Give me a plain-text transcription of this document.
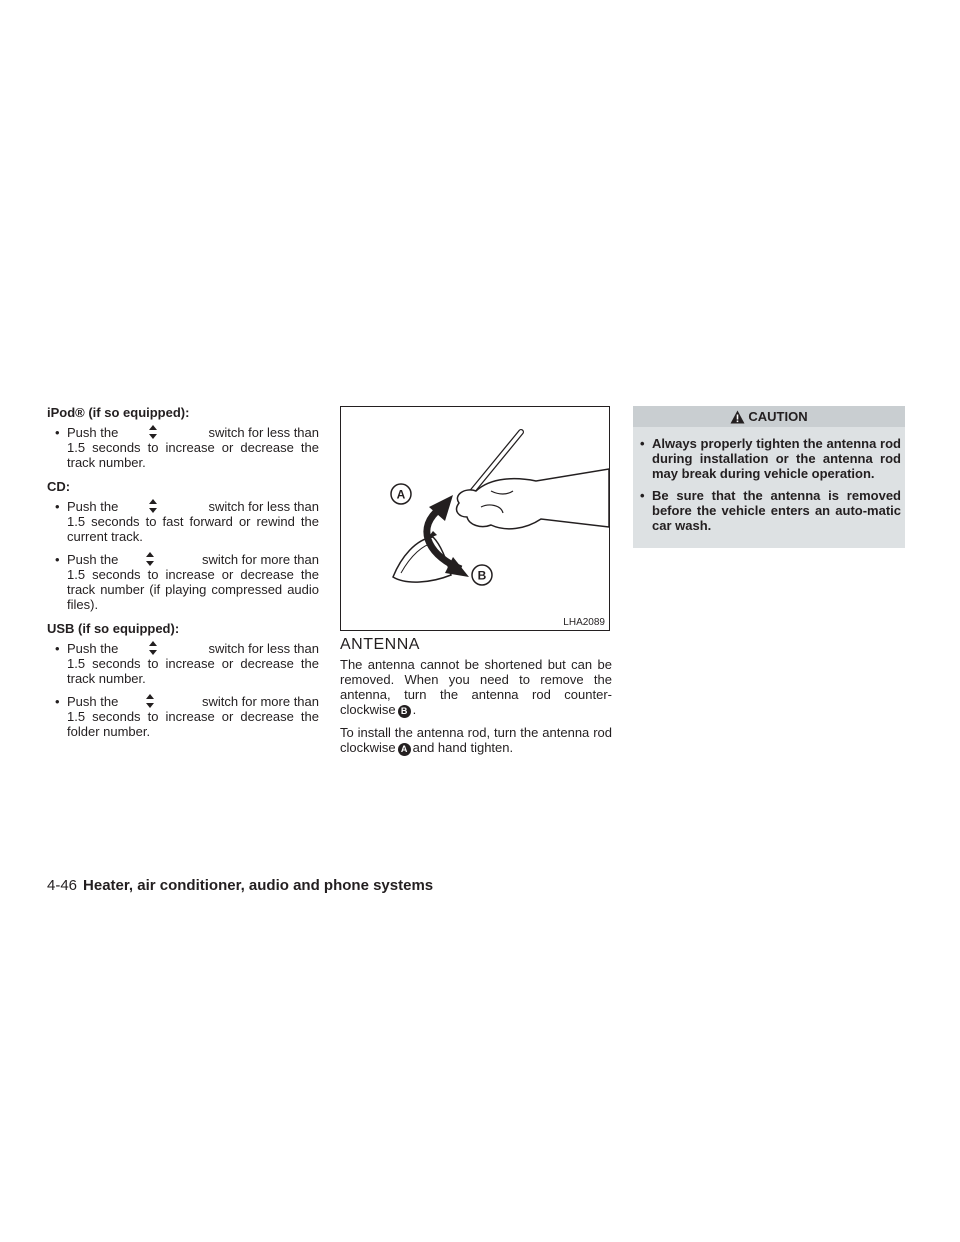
iPod® (if so equipped):
• Push the	switch for less than
1.5 seconds to increase or decrease the track number.
CD:
• Push the	switch for less than
1.5 seconds to fast forward or rewind the current track.
• Push the	switch for more than
1.5 seconds to increase or decrease the track number (if playing compressed audio files).
USB (if so equipped):
• Push the	switch for less than
1.5 seconds to increase or decrease the track number.
• Push the	switch for more than
1.5 seconds to increase or decrease the folder number.
A
B
LHA2089
ANTENNA

The antenna cannot be shortened but can be removed. When you need to remove the antenna, turn the antenna rod counter-clockwise B .

To install the antenna rod, turn the antenna rod clockwise A and hand tighten.

CAUTION
• Always properly tighten the antenna rod during installation or the antenna rod may break during vehicle operation.
• Be sure that the antenna is removed before the vehicle enters an auto-matic car wash.
4-46 Heater, air conditioner, audio and phone systems
